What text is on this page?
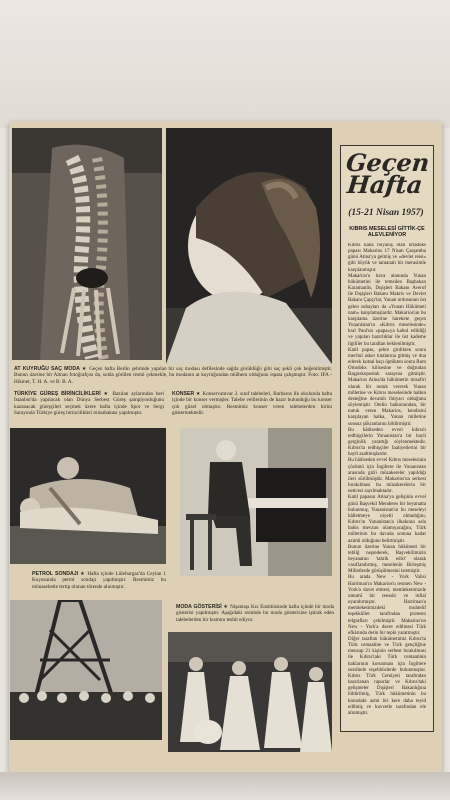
AT KUYRUĞU SAÇ MODA ★ Geçen hafta Berlin şehrinde yapılan bir saç modası defilesinde sağda görüldüğü gibi saç şekli çok beğenilmiştir. Bunun üzerine bir Alman fotoğrafçısı da, solda görülen resmi çekmekle, bu modanın at kuyruğundan mülhem olduğunu ispata çalışmıştır. Foto: IFA - Hikmet, T. H. A. ve B. B. A.
TÜRKİYE GÜREŞ BİRİNCİLİKLERİ ★ Bazılan aylarından beri İstanbul'da yapılacak olan Dünya Serbest Güreş şampiyonluğunu kazanacak güreşçileri seçmek üzere hafta içinde Spor ve Sergi Sarayında Türkiye güreş birincilikleri müsabakası yapılmıştır.
KONSER ★ Konservatuvar 3. sınıf talebeleri, Barbaros ilk okulunda hafta içinde bir konser vermişler. Talebe velilerinin de hazır bulunduğu bu konser çok güzel olmuştur. Resmimiz konser veren talebelerden birini göstermektedir.
PETROL SONDAJI ★ Hafta içinde Lüleburgaz'da Ceylan 1 Kuyusunda petrol sondajı yapılmıştır. Resmimiz bu münasebetle tertip olunan törende alınmıştır.
MODA GÖSTERİSİ ★ Nişantaşı Kız Enstitüsünde hafta içinde bir moda gösterisi yapılmıştır. Aşağıdaki resimde bu moda gösterisine iştirak eden talebelerden bir kısmını tesbit ediyor.
Geçen
Hafta
(15-21 Nisan 1957)
KIBRIS MESELESİ GİTTİK-ÇE ALEVLENİYOR
Kıbrıs kana boyanış olan ortadoks papası Makarios 17 Nisan Çarşamba günü Atina'ya gelmiş ve «devlet reisi» gibi büyük ve tantanalı bir merasimle karşılanmıştır.
Makarios'u hava alanında Yunan hükümetini ile temsilen Başbakan Karamanlis, Dışişleri Bakanı Averof ile Dışişleri Bakanı Makris ve Devlet Bakanı Çapçı'lar, Yunan ordusunun üst gelen subayları da «Yunan Hükümeti nam» karşılamışlardır. Makarios'un bu karşılama üzerine harekete geçen Yunanistan'ın «Kıbrıs meselesinde» kral Paul'un «papa»ya kabul edildiği ve yapılan hazırlıklar ile üst kademe ilgililer bu taraftan beklenilmiştir.
Katil papas, şehre girdikten sonra mecbul asker kıtalarına gitmiş ve dua ederek kutsal haçı öptükten sonra Rum Ortodoks kilisesine ve doğrudan Başpiskoposluk sarayına gitmiştir. Makarios Atina'da hükümetin misafiri olarak bir nutuk vererek Yunan milletine ve Kıbrıs meselesinde halkın desteğine devamlı ihtiyacı olduğunu söylemiştir. Otelin balkonundan, bir nutuk veren Makarios, kendisini karşılayan halka, Yunan milletine sonsuz şükranlarını bildirmiştir.
Bu hâdiseden evvel kıbrıslı tedhişçilerin Yunanistan'a bir hayli gerginlik yarattığı söylenmektedir. Kıbrıs'ta tedhişçiler faaliyetlerini bir hayli azaltmışlardır.
Bu hâdiseden evvel Kıbrıs meselesinin çözümü için İngiltere ile Yunanistan arasında gizli müzakereler yapıldığı ileri sürülmüştür. Makarios'un serbest bırakılması bu müzakerelerin bir neticesi sayılmaktadır.
Katil papasın Atina'ya gelişinin evvel günü Başvekil Menderes bir beyanatta bulunmuş, Yunanistan'ın bu meseleyi hâlletmeye niyetli olmadığını, Kıbrıs'ın Yunanistan'a ilhakının asla bahis mevzuu olamıyacağını, Türk milletinin bu davada sonuna kadar azimli olduğunu belirtmiştir.
Bunun üzerine Yunan hükümeti bir tebliğ neşrederek, Başvekilimizin beyanatını 'tahrik edici' olarak vasıflandırmış, meselenin Birleşmiş Milletlerde görüşülmesini istemiştir.
Bu arada New - York Valisi Harriman'ın Makarios'u resmen New - York'a davet etmesi, memleketimizde umumî bir teessür ve infial uyandırmıştır. Harriman'a memleketimizdeki muhtelif teşekküller tarafından protesto telgrafları çekilmiştir. Makarios'un New - York'a davet edilmesi Türk efkârında derin bir tepki yaratmıştır.
Diğer taraftan hükümetimiz Kıbrıs'ta Türk cemaatine ve Türk gençliğine mensup 21 kişinin serbest bırakılması ile Kıbrıs'taki Türk cemaatinin haklarının korunması için İngiltere nezdinde teşebbüslerde bulunmuştur. Kıbrıs Türk Cemiyeti tarafından hazırlanan raporlar ve Kıbrıs'taki gelişmeler Dışişleri Bakanlığına bildirilmiş, Türk hükümetinin bu konudaki azmi bir kere daha teyid edilmiş ve kuvvetle tarafından ele alınmıştır.
